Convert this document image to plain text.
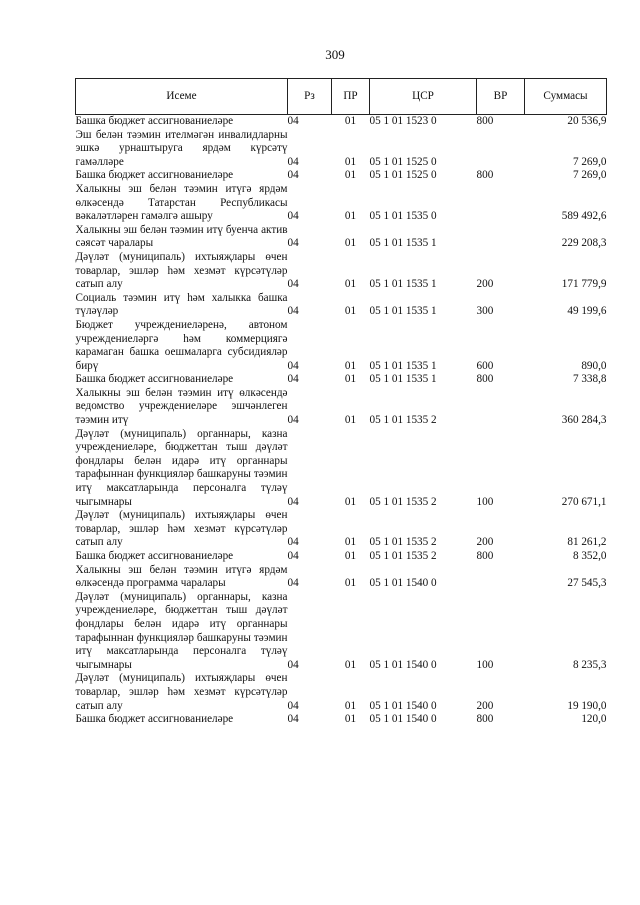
309
Исеме	Рз	ПР	ЦСР	ВР	Суммасы
Башка бюджет ассигнованиеләре	04	01	05 1 01 1523 0	800	20 536,9
Эш белән тәэмин ителмәгән инвалидларны эшкә урнаштыруга ярдәм күрсәтү гамәлләре	04	01	05 1 01 1525 0		7 269,0
Башка бюджет ассигнованиеләре	04	01	05 1 01 1525 0	800	7 269,0
Халыкны эш белән тәэмин итүгә ярдәм өлкәсендә Татарстан Республикасы вәкаләтләрен гамәлгә ашыру	04	01	05 1 01 1535 0		589 492,6
Халыкны эш белән тәэмин итү буенча актив сәясәт чаралары	04	01	05 1 01 1535 1		229 208,3
Дәүләт (муниципаль) ихтыяҗлары өчен товарлар, эшләр һәм хезмәт күрсәтүләр сатып алу	04	01	05 1 01 1535 1	200	171 779,9
Социаль тәэмин итү һәм халыкка башка түләүләр	04	01	05 1 01 1535 1	300	49 199,6
Бюджет учреждениеләренә, автоном учреждениеләргә һәм коммерциягә карамаган башка оешмаларга субсидияләр бирү	04	01	05 1 01 1535 1	600	890,0
Башка бюджет ассигнованиеләре	04	01	05 1 01 1535 1	800	7 338,8
Халыкны эш белән тәэмин итү өлкәсендә ведомство учреждениеләре эшчәнлеген тәэмин итү	04	01	05 1 01 1535 2		360 284,3
Дәүләт (муниципаль) органнары, казна учреждениеләре, бюджеттан тыш дәүләт фондлары белән идарә итү органнары тарафыннан функцияләр башкаруны тәэмин итү максатларында персоналга түләү чыгымнары	04	01	05 1 01 1535 2	100	270 671,1
Дәүләт (муниципаль) ихтыяҗлары өчен товарлар, эшләр һәм хезмәт күрсәтүләр сатып алу	04	01	05 1 01 1535 2	200	81 261,2
Башка бюджет ассигнованиеләре	04	01	05 1 01 1535 2	800	8 352,0
Халыкны эш белән тәэмин итүгә ярдәм өлкәсендә программа чаралары	04	01	05 1 01 1540 0		27 545,3
Дәүләт (муниципаль) органнары, казна учреждениеләре, бюджеттан тыш дәүләт фондлары белән идарә итү органнары тарафыннан функцияләр башкаруны тәэмин итү максатларында персоналга түләү чыгымнары	04	01	05 1 01 1540 0	100	8 235,3
Дәүләт (муниципаль) ихтыяҗлары өчен товарлар, эшләр һәм хезмәт күрсәтүләр сатып алу	04	01	05 1 01 1540 0	200	19 190,0
Башка бюджет ассигнованиеләре	04	01	05 1 01 1540 0	800	120,0
